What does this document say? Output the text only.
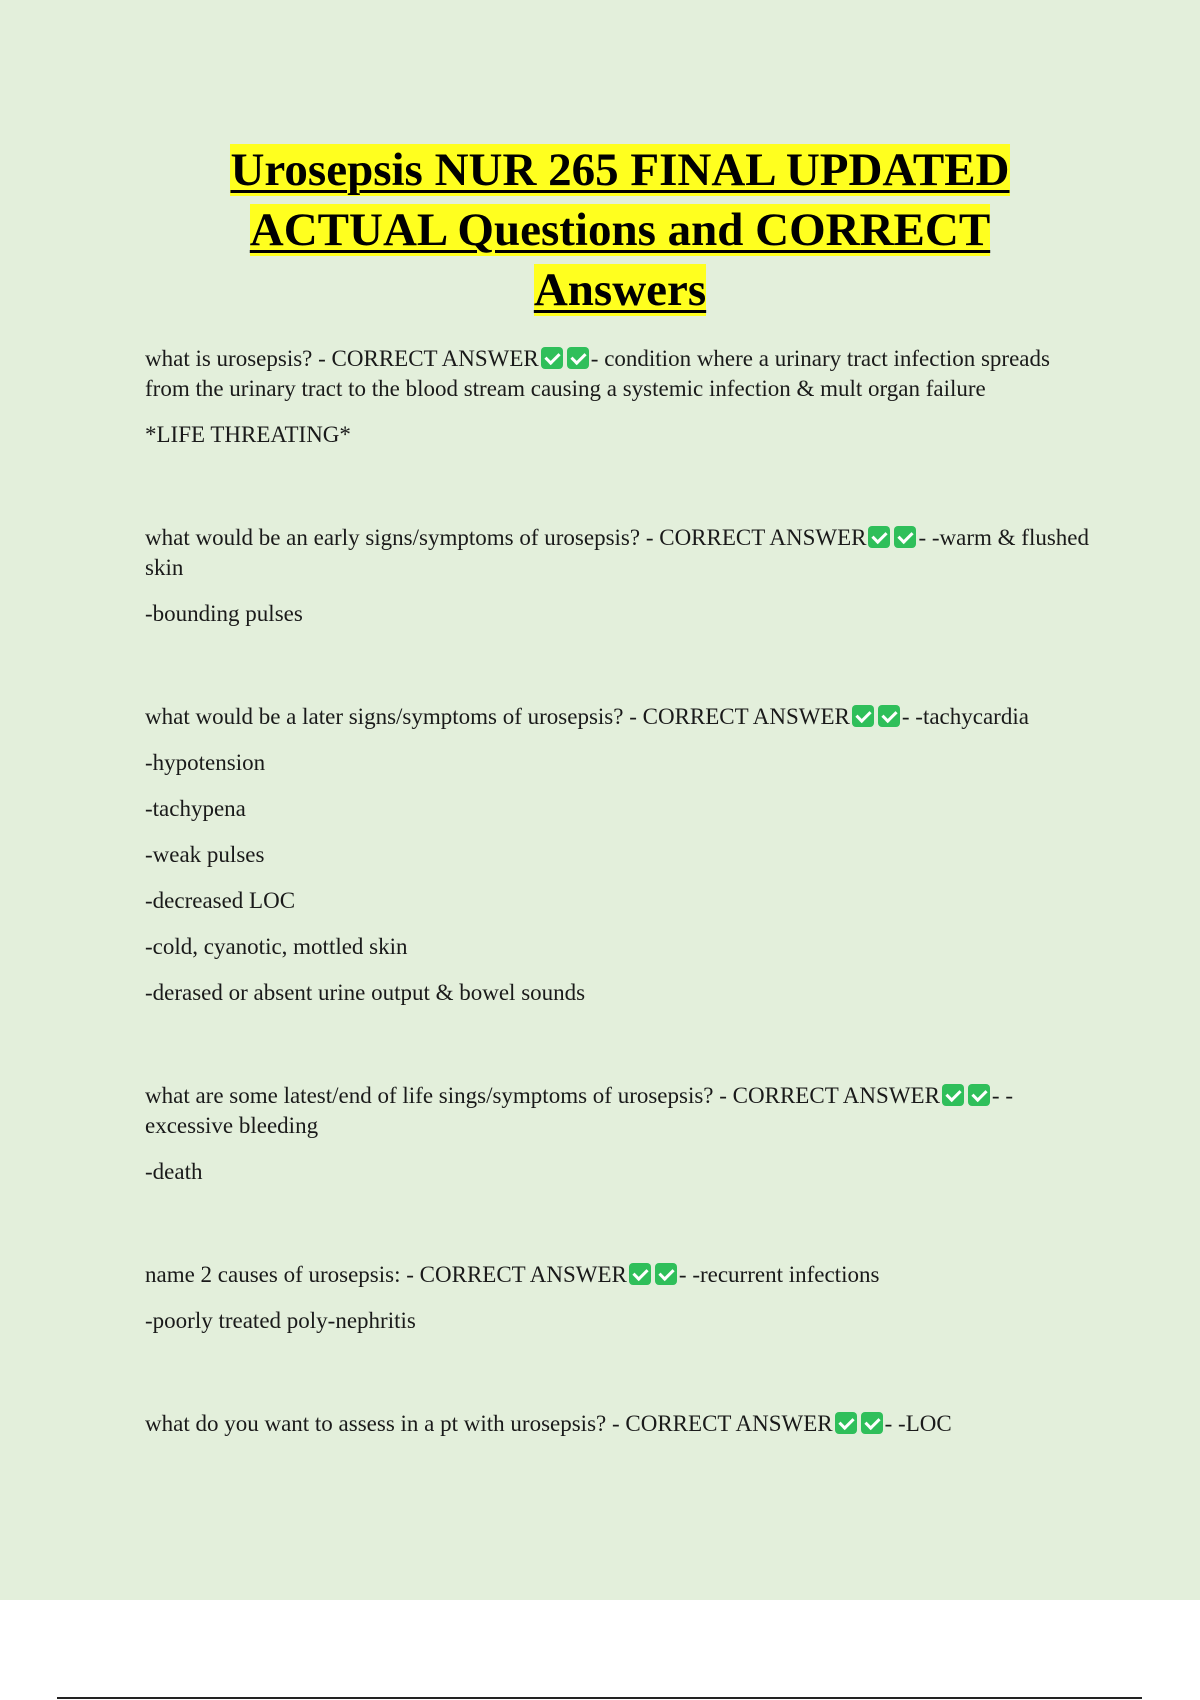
Urosepsis NUR 265 FINAL UPDATED
ACTUAL Questions and CORRECT
Answers

what is urosepsis? - CORRECT ANSWER - condition where a urinary tract infection spreads from the urinary tract to the blood stream causing a systemic infection & mult organ failure

*LIFE THREATING*

what would be an early signs/symptoms of urosepsis? - CORRECT ANSWER - -warm & flushed skin

-bounding pulses

what would be a later signs/symptoms of urosepsis? - CORRECT ANSWER - -tachycardia

-hypotension

-tachypena

-weak pulses

-decreased LOC

-cold, cyanotic, mottled skin

-derased or absent urine output & bowel sounds

what are some latest/end of life sings/symptoms of urosepsis? - CORRECT ANSWER - -excessive bleeding

-death

name 2 causes of urosepsis: - CORRECT ANSWER - -recurrent infections

-poorly treated poly-nephritis

what do you want to assess in a pt with urosepsis? - CORRECT ANSWER - -LOC
